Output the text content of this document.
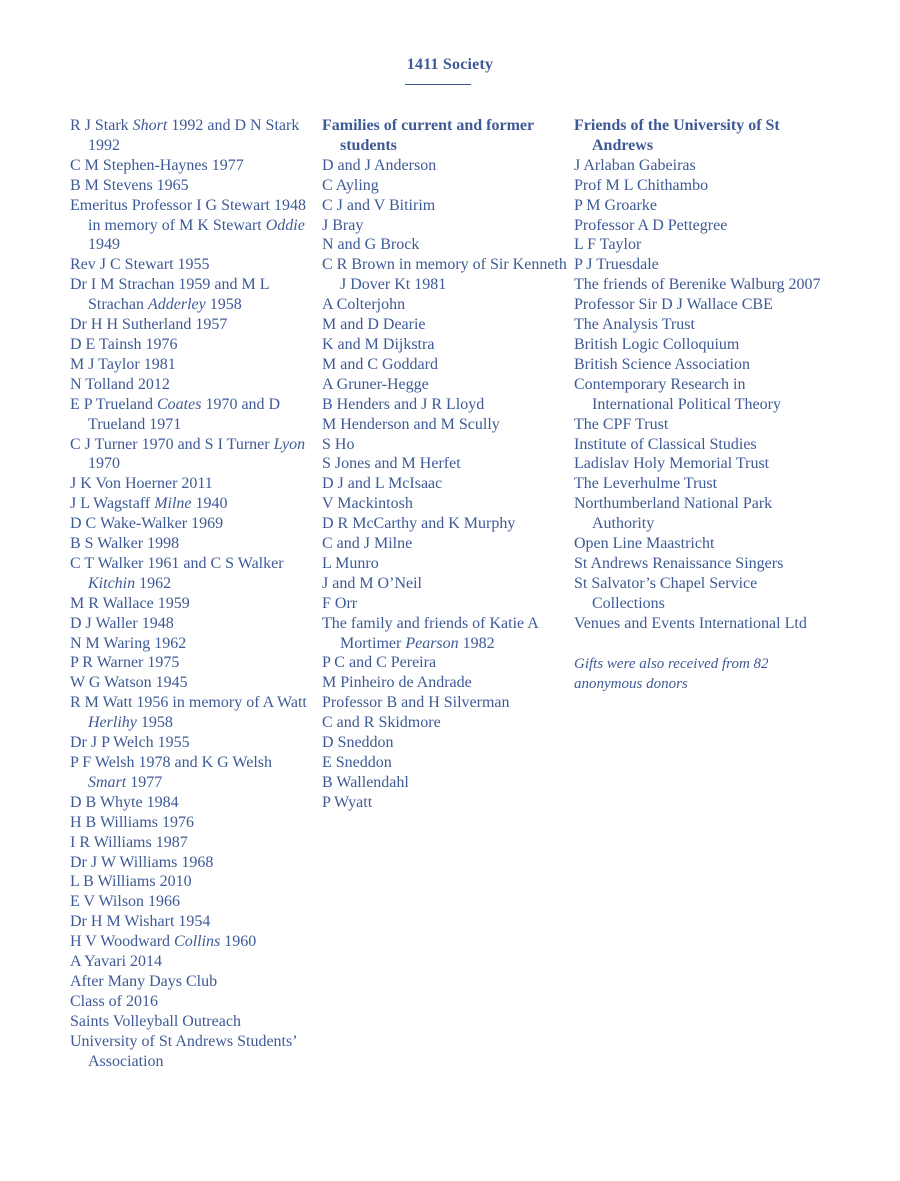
1411 Society
R J Stark Short 1992 and D N Stark 1992
C M Stephen-Haynes 1977
B M Stevens 1965
Emeritus Professor I G Stewart 1948 in memory of M K Stewart Oddie 1949
Rev J C Stewart 1955
Dr I M Strachan 1959 and M L Strachan Adderley 1958
Dr H H Sutherland 1957
D E Tainsh 1976
M J Taylor 1981
N Tolland 2012
E P Trueland Coates 1970 and D Trueland 1971
C J Turner 1970 and S I Turner Lyon 1970
J K Von Hoerner 2011
J L Wagstaff Milne 1940
D C Wake-Walker 1969
B S Walker 1998
C T Walker 1961 and C S Walker Kitchin 1962
M R Wallace 1959
D J Waller 1948
N M Waring 1962
P R Warner 1975
W G Watson 1945
R M Watt 1956 in memory of A Watt Herlihy 1958
Dr J P Welch 1955
P F Welsh 1978 and K G Welsh Smart 1977
D B Whyte 1984
H B Williams 1976
I R Williams 1987
Dr J W Williams 1968
L B Williams 2010
E V Wilson 1966
Dr H M Wishart 1954
H V Woodward Collins 1960
A Yavari 2014
After Many Days Club
Class of 2016
Saints Volleyball Outreach
University of St Andrews Students’ Association
Families of current and former students
D and J Anderson
C Ayling
C J and V Bitirim
J Bray
N and G Brock
C R Brown in memory of Sir Kenneth J Dover Kt 1981
A Colterjohn
M and D Dearie
K and M Dijkstra
M and C Goddard
A Gruner-Hegge
B Henders and J R Lloyd
M Henderson and M Scully
S Ho
S Jones and M Herfet
D J and L McIsaac
V Mackintosh
D R McCarthy and K Murphy
C and J Milne
L Munro
J and M O’Neil
F Orr
The family and friends of Katie A Mortimer Pearson 1982
P C and C Pereira
M Pinheiro de Andrade
Professor B and H Silverman
C and R Skidmore
D Sneddon
E Sneddon
B Wallendahl
P Wyatt
Friends of the University of St Andrews
J Arlaban Gabeiras
Prof M L Chithambo
P M Groarke
Professor A D Pettegree
L F Taylor
P J Truesdale
The friends of Berenike Walburg 2007
Professor Sir D J Wallace CBE
The Analysis Trust
British Logic Colloquium
British Science Association
Contemporary Research in International Political Theory
The CPF Trust
Institute of Classical Studies
Ladislav Holy Memorial Trust
The Leverhulme Trust
Northumberland National Park Authority
Open Line Maastricht
St Andrews Renaissance Singers
St Salvator’s Chapel Service Collections
Venues and Events International Ltd
Gifts were also received from 82 anonymous donors
